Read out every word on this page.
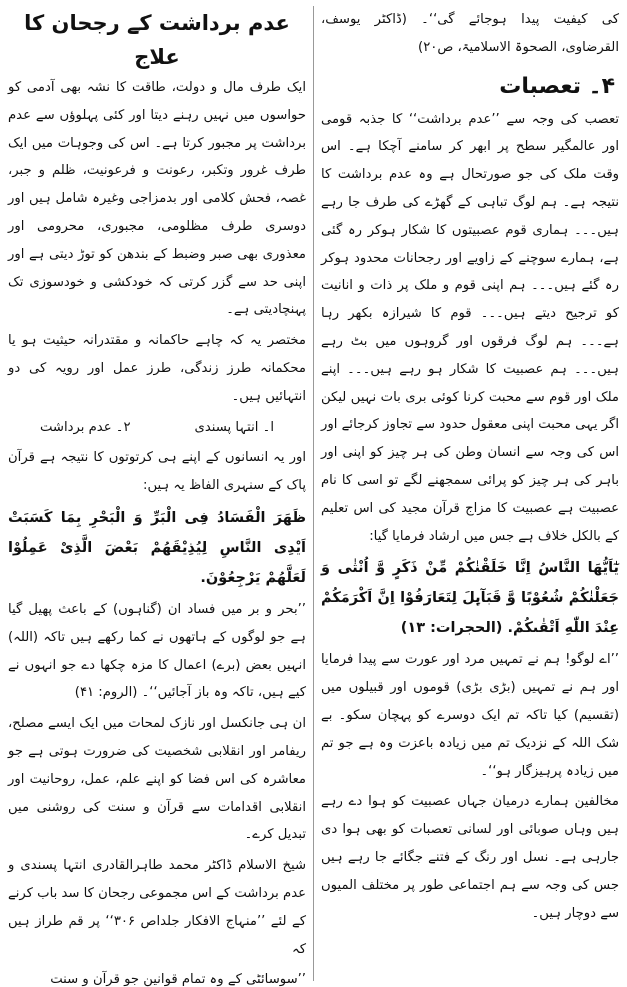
کی کیفیت پیدا ہوجائے گی‘‘۔ (ڈاکٹر یوسف، القرضاوی، الصحوۃ الاسلامیۃ، ص۲۰)

۴۔ تعصبات

تعصب کی وجہ سے ’’عدم برداشت‘‘ کا جذبہ قومی اور عالمگیر سطح پر ابھر کر سامنے آچکا ہے۔ اس وقت ملک کی جو صورتحال ہے وہ عدم برداشت کا نتیجہ ہے۔ ہم لوگ تباہی کے گھڑے کی طرف جا رہے ہیں۔۔۔ ہماری قوم عصبیتوں کا شکار ہوکر رہ گئی ہے، ہمارے سوچنے کے زاویے اور رجحانات محدود ہوکر رہ گئے ہیں۔۔۔ ہم اپنی قوم و ملک پر ذات و انانیت کو ترجیح دیتے ہیں۔۔۔ قوم کا شیرازہ بکھر رہا ہے۔۔۔ ہم لوگ فرقوں اور گروہوں میں بٹ رہے ہیں۔۔۔ ہم عصبیت کا شکار ہو رہے ہیں۔۔۔ اپنے ملک اور قوم سے محبت کرنا کوئی بری بات نہیں لیکن اگر یہی محبت اپنی معقول حدود سے تجاوز کرجائے اور اس کی وجہ سے انسان وطن کی ہر چیز کو اپنی اور باہر کی ہر چیز کو پرائی سمجھنے لگے تو اسی کا نام عصبیت ہے عصبیت کا مزاج قرآن مجید کی اس تعلیم کے بالکل خلاف ہے جس میں ارشاد فرمایا گیا:

یٰٓاَیُّهَا النَّاسُ اِنَّا خَلَقْنٰكُمْ مِّنْ ذَكَرٍ وَّ اُنْثٰى وَ جَعَلْنٰكُمْ شُعُوْبًا وَّ قَبَآىِٕلَ لِتَعَارَفُوْا اِنَّ اَكْرَمَكُمْ عِنْدَ اللّٰهِ اَتْقٰىكُمْ. (الحجرات: ۱۳)

’’اے لوگو! ہم نے تمہیں مرد اور عورت سے پیدا فرمایا اور ہم نے تمہیں (بڑی بڑی) قوموں اور قبیلوں میں (تقسیم) کیا تاکہ تم ایک دوسرے کو پہچان سکو۔ بے شک اللہ کے نزدیک تم میں زیادہ باعزت وہ ہے جو تم میں زیادہ پرہیزگار ہو‘‘۔

مخالفین ہمارے درمیان جہاں عصبیت کو ہوا دے رہے ہیں وہاں صوبائی اور لسانی تعصبات کو بھی ہوا دی جارہی ہے۔ نسل اور رنگ کے فتنے جگائے جا رہے ہیں جس کی وجہ سے ہم اجتماعی طور پر مختلف المیوں سے دوچار ہیں۔

عدم برداشت کے رجحان کا علاج

ایک طرف مال و دولت، طاقت کا نشہ بھی آدمی کو حواسوں میں نہیں رہنے دیتا اور کئی پہلوؤں سے عدم برداشت پر مجبور کرتا ہے۔ اس کی وجوہات میں ایک طرف غرور وتکبر، رعونت و فرعونیت، ظلم و جبر، غصہ، فحش کلامی اور بدمزاجی وغیرہ شامل ہیں اور دوسری طرف مظلومی، مجبوری، محرومی اور معذوری بھی صبر وضبط کے بندھن کو توڑ دیتی ہے اور اپنی حد سے گزر کرتی کہ خودکشی و خودسوزی تک پہنچادیتی ہے۔

مختصر یہ کہ چاہے حاکمانہ و مقتدرانہ حیثیت ہو یا محکمانہ طرز زندگی، طرز عمل اور رویہ کی دو انتہائیں ہیں۔

ا۔ انتہا پسندی
۲۔ عدم برداشت

اور یہ انسانوں کے اپنے ہی کرتوتوں کا نتیجہ ہے قرآن پاک کے سنہری الفاظ یہ ہیں:

ظَهَرَ الْفَسَادُ فِی الْبَرِّ وَ الْبَحْرِ بِمَا كَسَبَتْ اَیْدِی النَّاسِ لِیُذِیْقَهُمْ بَعْضَ الَّذِیْ عَمِلُوْا لَعَلَّهُمْ یَرْجِعُوْنَ.

’’بحر و بر میں فساد ان (گناہوں) کے باعث پھیل گیا ہے جو لوگوں کے ہاتھوں نے کما رکھے ہیں تاکہ (اللہ) انہیں بعض (برے) اعمال کا مزہ چکھا دے جو انہوں نے کیے ہیں، تاکہ وہ باز آجائیں‘‘۔ (الروم: ۴۱)

ان ہی جانکسل اور نازک لمحات میں ایک ایسے مصلح، ریفامر اور انقلابی شخصیت کی ضرورت ہوتی ہے جو معاشرہ کی اس فضا کو اپنے علم، عمل، روحانیت اور انقلابی اقدامات سے قرآن و سنت کی روشنی میں تبدیل کرے۔

شیخ الاسلام ڈاکٹر محمد طاہرالقادری انتہا پسندی و عدم برداشت کے اس مجموعی رجحان کا سد باب کرنے کے لئے ’’منہاج الافکار جلداص ۳۰۶‘‘ پر قم طراز ہیں کہ

’’سوسائٹی کے وہ تمام قوانین جو قرآن و سنت
